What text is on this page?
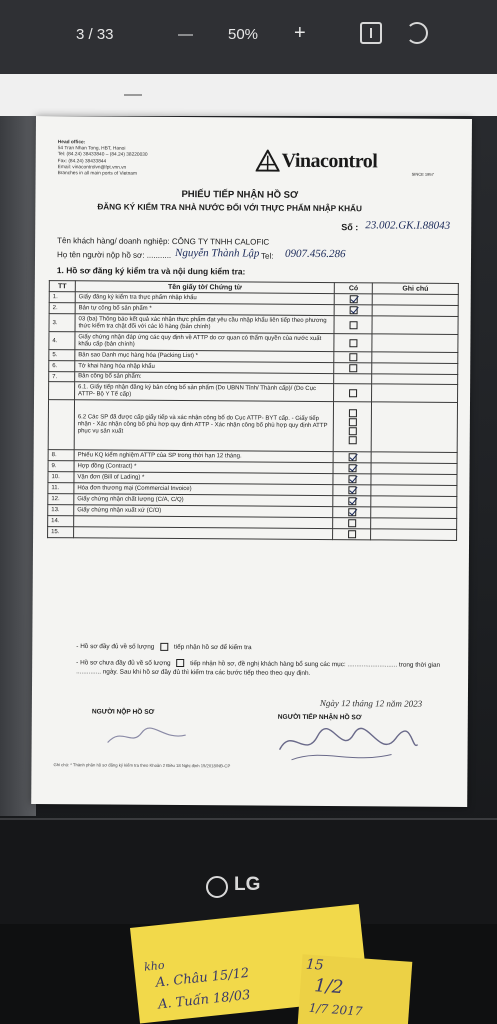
3 / 33	— 50% +
Head office:
54 Tran Nhan Tong, HBT, Hanoi
Tel: (84.24) 38433840 – (84.24) 38220030
Fax: (84.24) 38433844
Email: vinacontrolvn@fpt.vnn.vn
Branches in all main ports of Vietnam
Vinacontrol
SINCE 1957
PHIẾU TIẾP NHẬN HỒ SƠ
ĐĂNG KÝ KIỂM TRA NHÀ NƯỚC ĐỐI VỚI THỰC PHẨM NHẬP KHẨU
Số : 23.002.GK.I.88043
Tên khách hàng/ doanh nghiệp: CÔNG TY TNHH CALOFIC
Họ tên người nộp hồ sơ: ........... Nguyễn Thành Lập Tel: 0907.456.286
1. Hồ sơ đăng ký kiểm tra và nội dung kiểm tra:
TT	Tên giấy tờ/ Chứng từ	Có	Ghi chú
1.	Giấy đăng ký kiểm tra thực phẩm nhập khẩu		
2.	Bản tự công bố sản phẩm *		
3.	03 (ba) Thông báo kết quả xác nhận thực phẩm đạt yêu cầu nhập khẩu liên tiếp theo phương thức kiểm tra chặt đối với các lô hàng (bản chính)		
4.	Giấy chứng nhận đáp ứng các quy định về ATTP do cơ quan có thẩm quyền của nước xuất khẩu cấp (bản chính)		
5.	Bản sao Danh mục hàng hóa (Packing List) *		
6.	Tờ khai hàng hóa nhập khẩu		
7.	Bản công bố sản phẩm:		
	6.1. Giấy tiếp nhận đăng ký bản công bố sản phẩm (Do UBNN Tỉnh/ Thành cấp)/ (Do Cục ATTP- Bộ Y Tế cấp)		
	6.2 Các SP đã được cấp giấy tiếp và xác nhận công bố do Cục ATTP- BYT cấp. - Giấy tiếp nhận - Xác nhận công bố phù hợp quy định ATTP - Xác nhận công bố phù hợp quy định ATTP phục vụ sản xuất	

8.	Phiếu KQ kiểm nghiệm ATTP của SP trong thời hạn 12 tháng.		
9.	Hợp đồng (Contract) *		
10.	Vận đơn (Bill of Lading) *		
11.	Hóa đơn thương mại (Commercial Invoice)		
12.	Giấy chứng nhận chất lượng (C/A, C/Q)		
13.	Giấy chứng nhận xuất xứ (C/O)		
14.			
15.			
- Hồ sơ đầy đủ về số lượng	tiếp nhận hồ sơ để kiểm tra
- Hồ sơ chưa đầy đủ về số lượng	tiếp nhận hồ sơ, đề nghị khách hàng bổ sung các mục: ............................ trong thời gian .............. ngày. Sau khi hồ sơ đầy đủ thì kiểm tra các bước tiếp theo theo quy định.
Ngày 12 tháng 12 năm 2023
NGƯỜI NỘP HỒ SƠ
NGƯỜI TIẾP NHẬN HỒ SƠ
Ghi chú: * Thành phần hồ sơ đăng ký kiểm tra theo Khoản 2 Điều 18 Nghị định 15/2018/NĐ-CP
LG
kho
A. Châu 15/12
A. Tuấn 18/03
15
1/2
1/7 2017
